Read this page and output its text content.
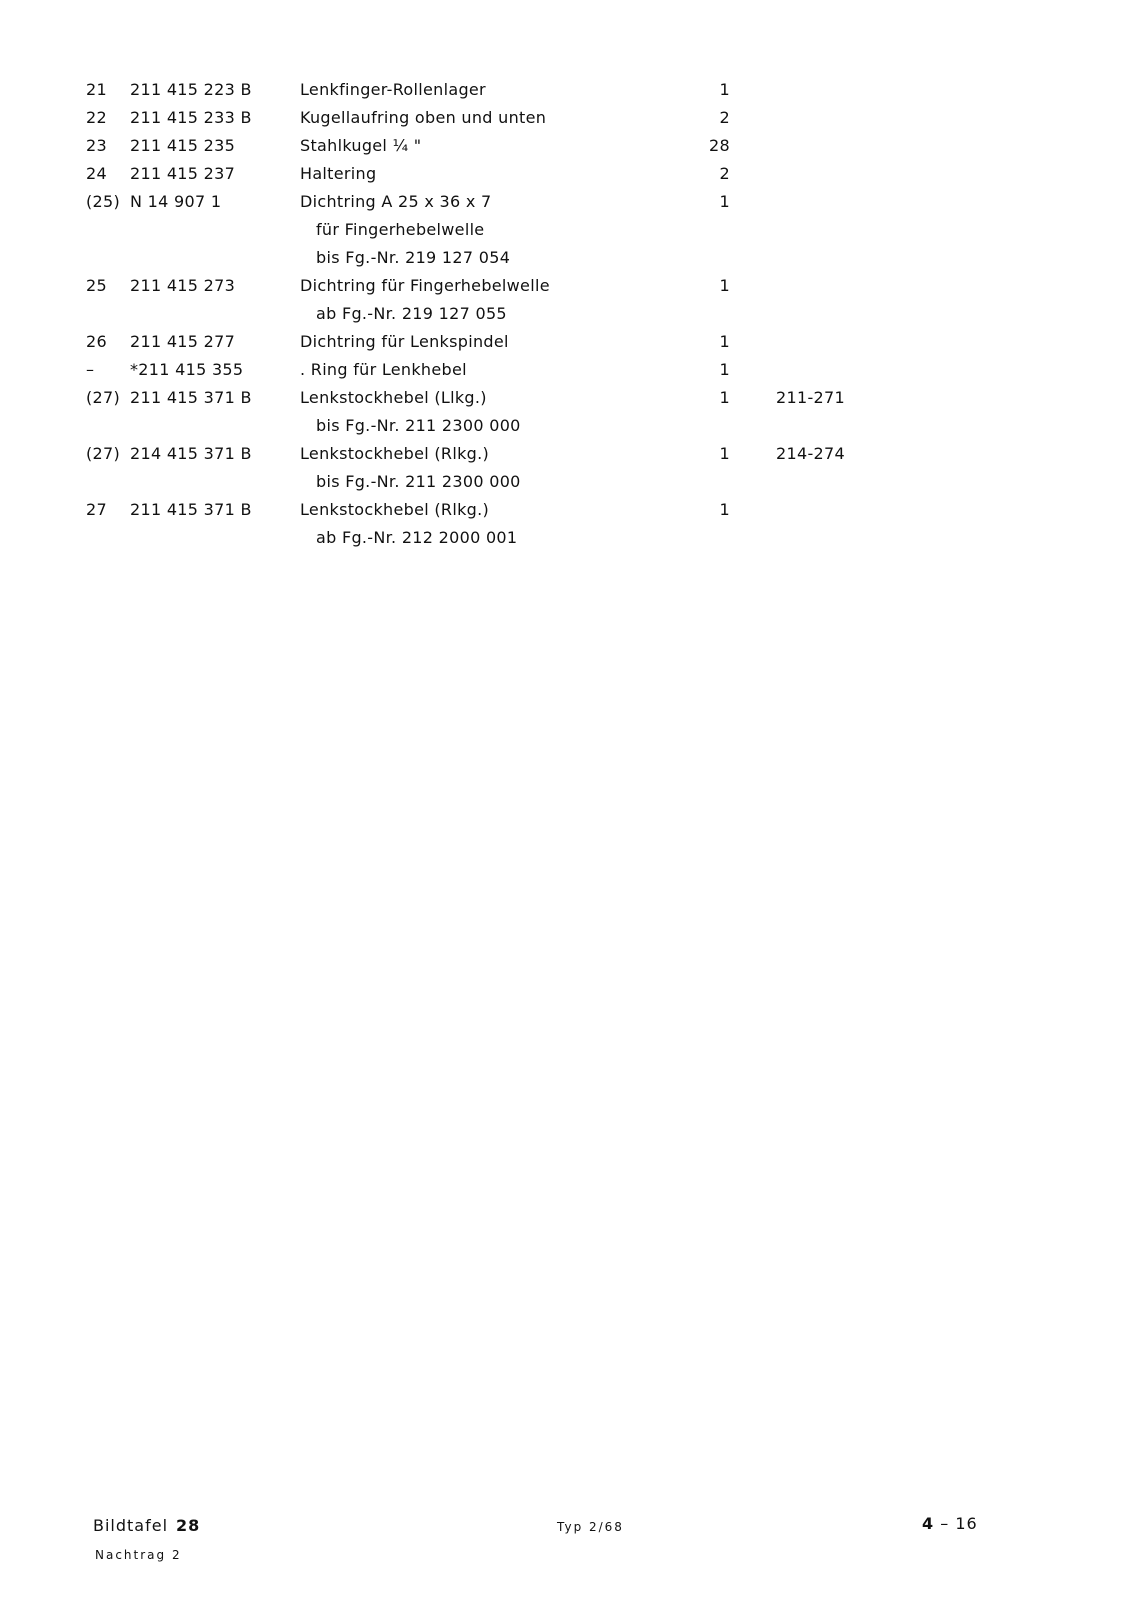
21 211 415 223 B	Lenkfinger-Rollenlager	1
22 211 415 233 B	Kugellaufring oben und unten	2
23 211 415 235	Stahlkugel ¼ "	28
24 211 415 237	Haltering	2
(25) N 14 907 1	Dichtring A 25 x 36 x 7	1
für Fingerhebelwelle
bis Fg.-Nr. 219 127 054
25 211 415 273	Dichtring für Fingerhebelwelle	1
ab Fg.-Nr. 219 127 055
26 211 415 277	Dichtring für Lenkspindel	1
– *211 415 355	. Ring für Lenkhebel	1
(27) 211 415 371 B	Lenkstockhebel (Llkg.)	1	211-271
bis Fg.-Nr. 211 2300 000
(27) 214 415 371 B	Lenkstockhebel (Rlkg.)	1	214-274
bis Fg.-Nr. 211 2300 000
27 211 415 371 B	Lenkstockhebel (Rlkg.)	1
ab Fg.-Nr. 212 2000 001
Bildtafel 28
Nachtrag 2
Typ 2/68	4 – 16
